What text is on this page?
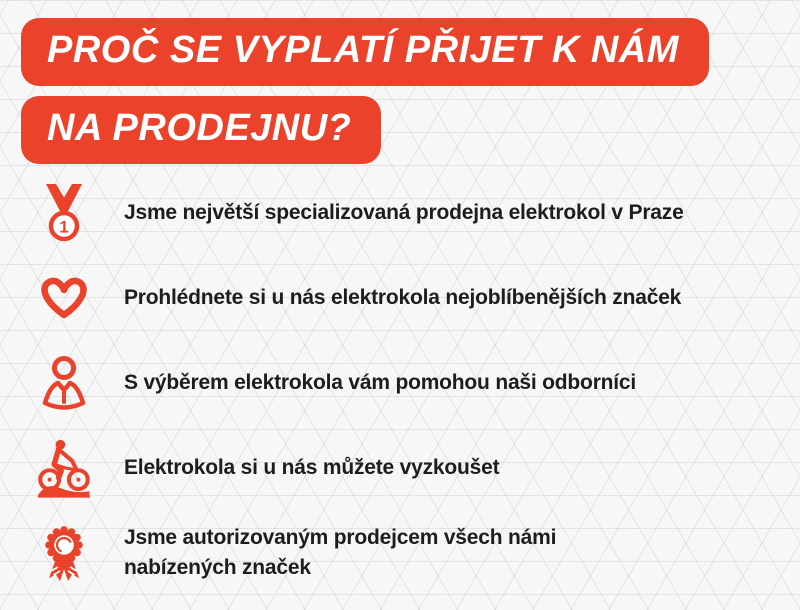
PROČ SE VYPLATÍ PŘIJET K NÁM
NA PRODEJNU?
1
Jsme největší specializovaná prodejna elektrokol v Praze
Prohlédnete si u nás elektrokola nejoblíbenějších značek
S výběrem elektrokola vám pomohou naši odborníci
Elektrokola si u nás můžete vyzkoušet
Jsme autorizovaným prodejcem všech námi nabízených značek
